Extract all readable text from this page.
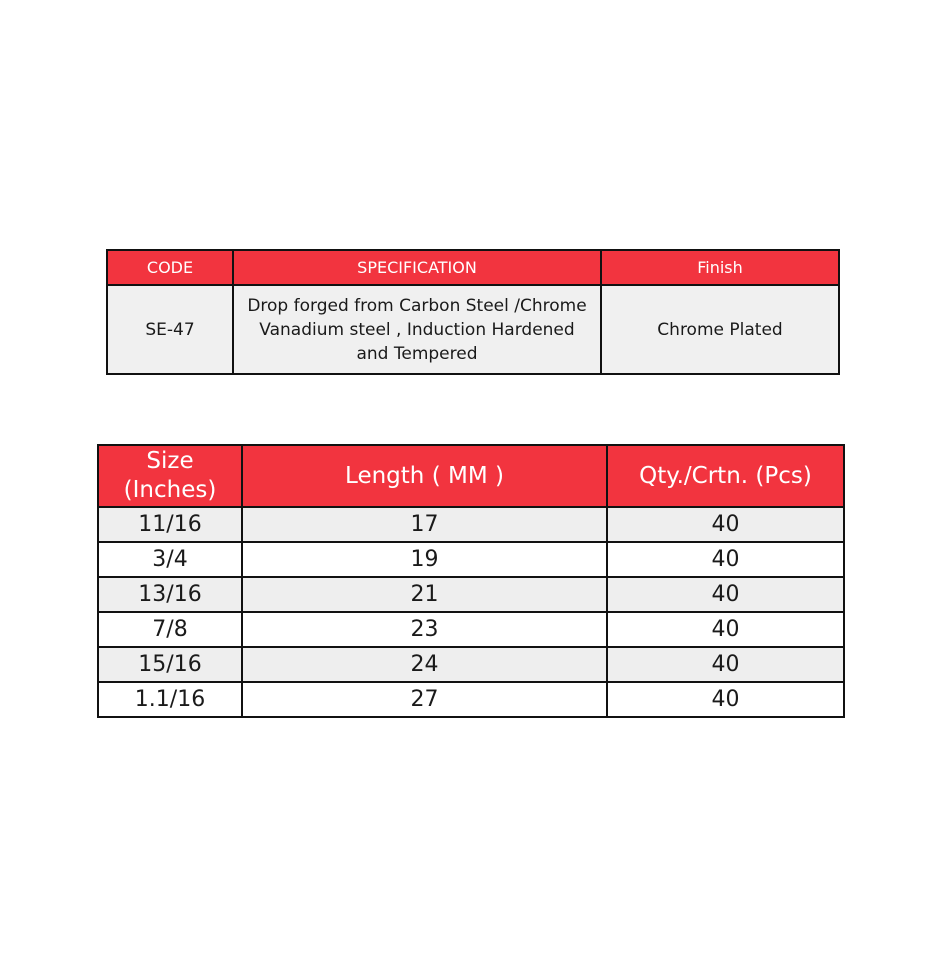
CODE	SPECIFICATION	Finish
SE-47	Drop forged from Carbon Steel /Chrome Vanadium steel , Induction Hardened and Tempered	Chrome Plated
Size (Inches)	Length ( MM )	Qty./Crtn. (Pcs)
11/16	17	40
3/4	19	40
13/16	21	40
7/8	23	40
15/16	24	40
1.1/16	27	40
